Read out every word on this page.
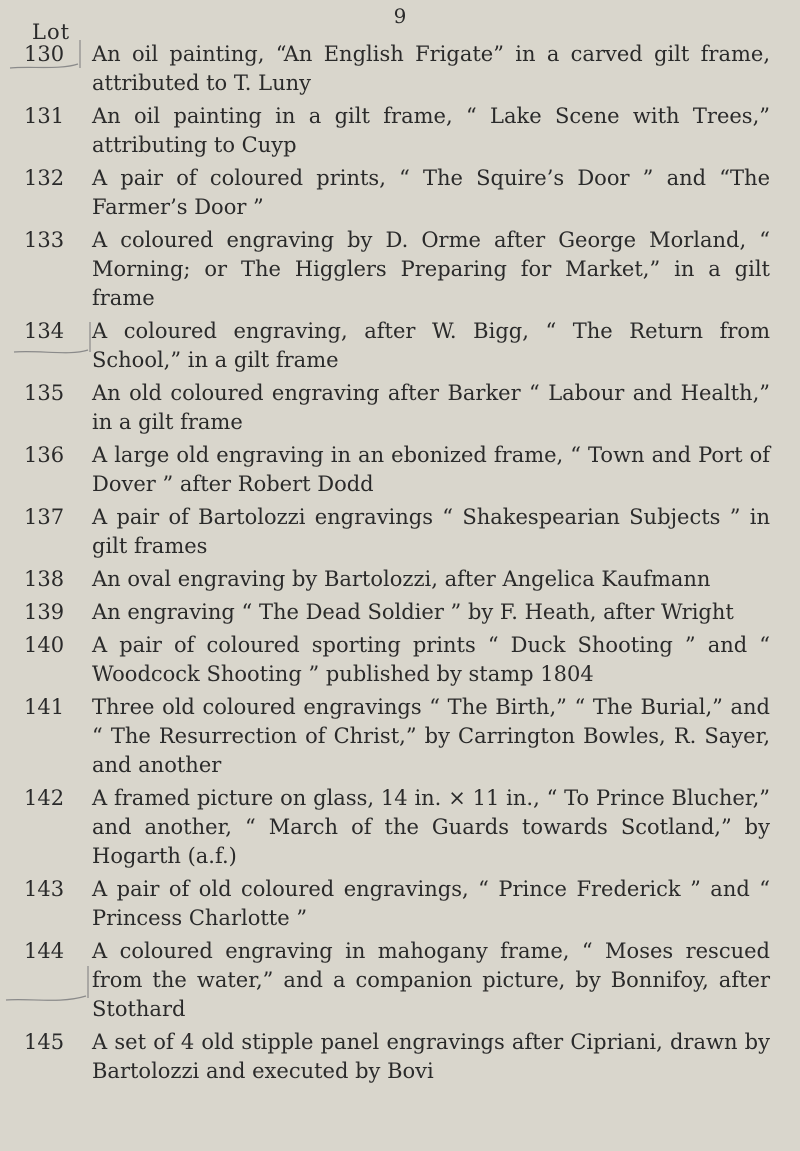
9
Lot
130	An oil painting, “An English Frigate” in a carved gilt frame, attributed to T. Luny
131	An oil painting in a gilt frame, “ Lake Scene with Trees,” attributing to Cuyp
132	A pair of coloured prints, “ The Squire’s Door ” and “The Farmer’s Door ”
133	A coloured engraving by D. Orme after George Morland, “ Morning; or The Higglers Preparing for Market,” in a gilt frame
134	A coloured engraving, after W. Bigg, “ The Return from School,” in a gilt frame
135	An old coloured engraving after Barker “ Labour and Health,” in a gilt frame
136	A large old engraving in an ebonized frame, “ Town and Port of Dover ” after Robert Dodd
137	A pair of Bartolozzi engravings “ Shakespearian Subjects ” in gilt frames
138	An oval engraving by Bartolozzi, after Angelica Kaufmann
139	An engraving “ The Dead Soldier ” by F. Heath, after Wright
140	A pair of coloured sporting prints “ Duck Shooting ” and “ Woodcock Shooting ” published by stamp 1804
141	Three old coloured engravings “ The Birth,” “ The Burial,” and “ The Resurrection of Christ,” by Carrington Bowles, R. Sayer, and another
142	A framed picture on glass, 14 in. × 11 in., “ To Prince Blucher,” and another, “ March of the Guards towards Scotland,” by Hogarth (a.f.)
143	A pair of old coloured engravings, “ Prince Frederick ” and “ Princess Charlotte ”
144	A coloured engraving in mahogany frame, “ Moses rescued from the water,” and a companion picture, by Bonnifoy, after Stothard
145	A set of 4 old stipple panel engravings after Cipriani, drawn by Bartolozzi and executed by Bovi
